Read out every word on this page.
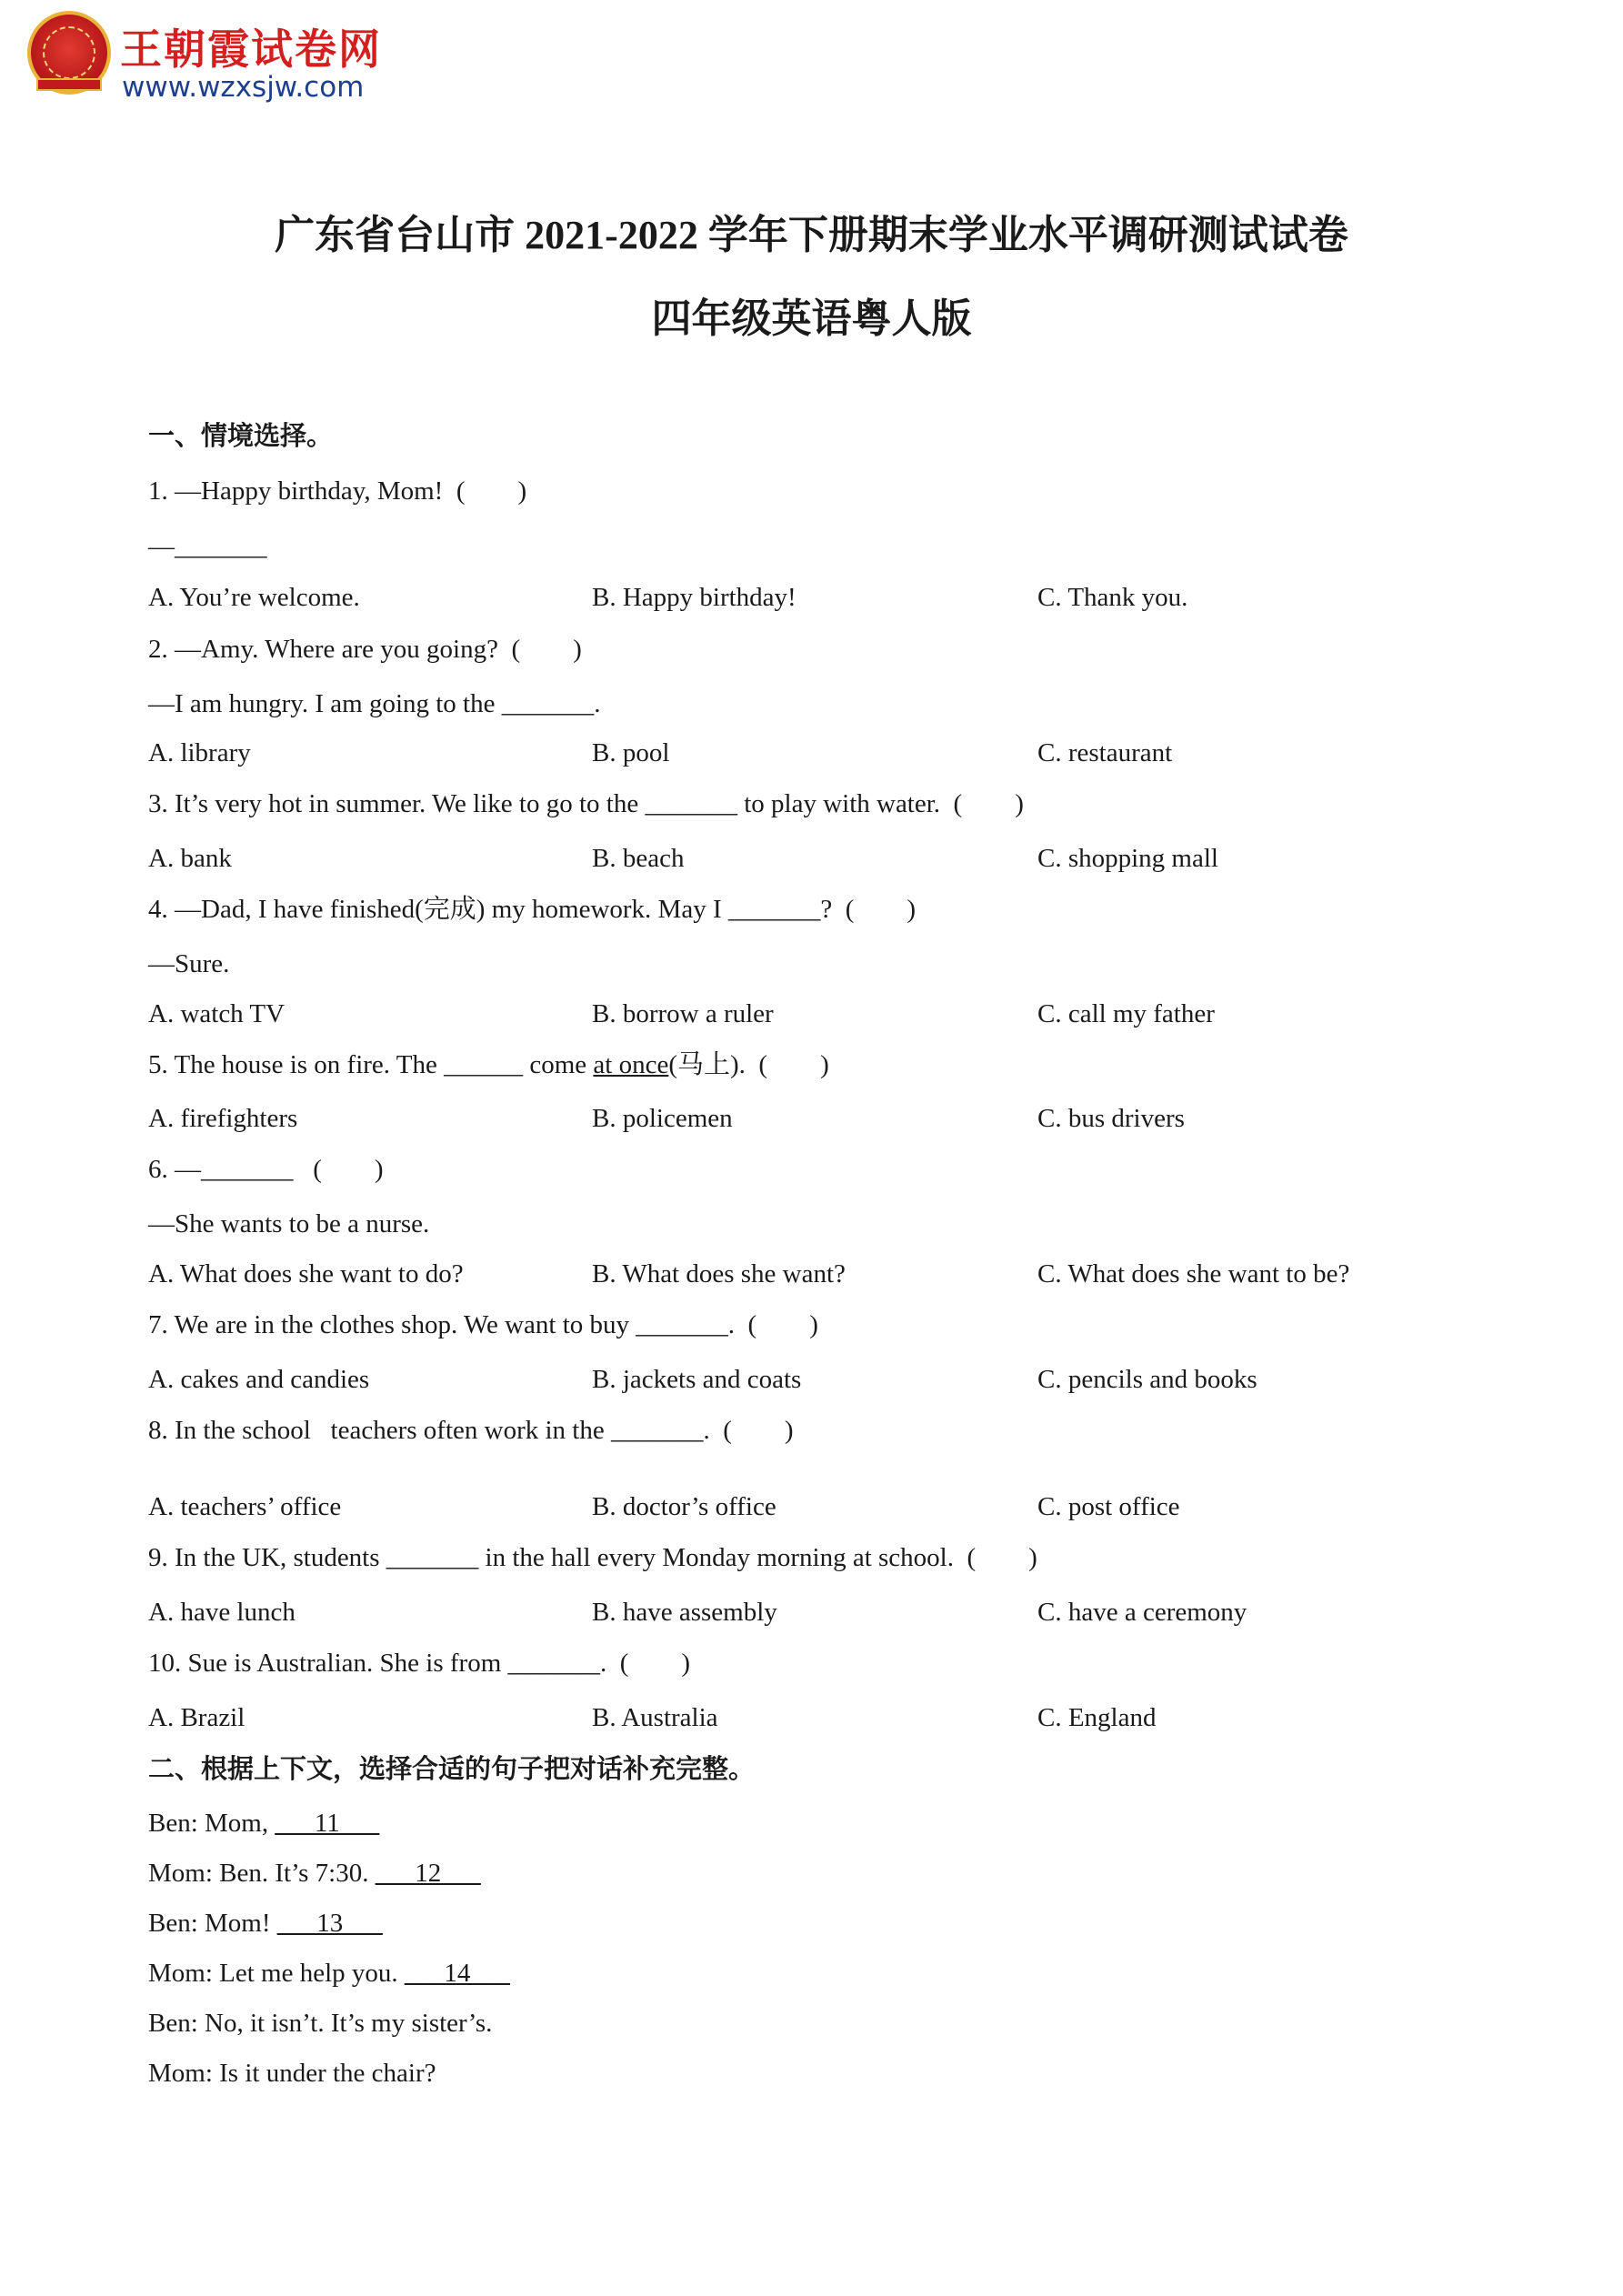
王朝霞试卷网
www.wzxsjw.com
广东省台山市 2021-2022 学年下册期末学业水平调研测试试卷
四年级英语粤人版
一、情境选择。
1. —Happy birthday, Mom!  (        )
—_______
A. You’re welcome.	B. Happy birthday!	C. Thank you.
2. —Amy. Where are you going?  (        )
—I am hungry. I am going to the _______.
A. library	B. pool	C. restaurant
3. It’s very hot in summer. We like to go to the _______ to play with water.  (        )
A. bank	B. beach	C. shopping mall
4. —Dad, I have finished(完成) my homework. May I _______?  (        )
—Sure.
A. watch TV	B. borrow a ruler	C. call my father
5. The house is on fire. The ______ come at once(马上).  (        )
A. firefighters	B. policemen	C. bus drivers
6. —_______   (        )
—She wants to be a nurse.
A. What does she want to do?	B. What does she want?	C. What does she want to be?
7. We are in the clothes shop. We want to buy _______.  (        )
A. cakes and candies	B. jackets and coats	C. pencils and books
8. In the school   teachers often work in the _______.  (        )
A. teachers’ office	B. doctor’s office	C. post office
9. In the UK, students _______ in the hall every Monday morning at school.  (        )
A. have lunch	B. have assembly	C. have a ceremony
10. Sue is Australian. She is from _______.  (        )
A. Brazil	B. Australia	C. England
二、根据上下文，选择合适的句子把对话补充完整。
Ben: Mom, ___11___
Mom: Ben. It’s 7:30. ___12___
Ben: Mom! ___13___
Mom: Let me help you. ___14___
Ben: No, it isn’t. It’s my sister’s.
Mom: Is it under the chair?
